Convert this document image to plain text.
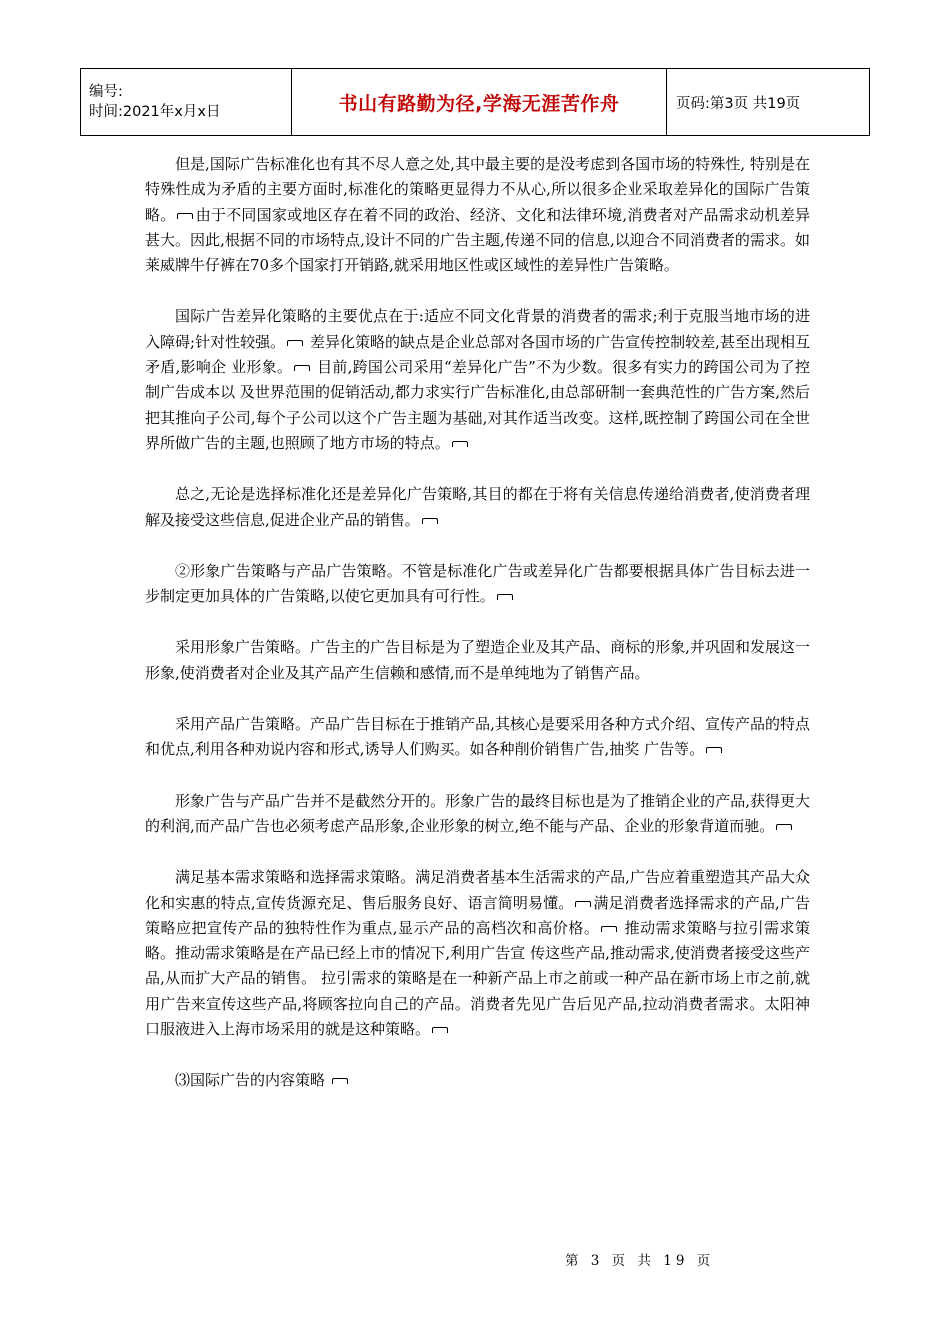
编号:
时间:2021年x月x日	书山有路勤为径,学海无涯苦作舟	页码:第3页 共19页

但是,国际广告标准化也有其不尽人意之处,其中最主要的是没考虑到各国市场的特殊性, 特别是在特殊性成为矛盾的主要方面时,标准化的策略更显得力不从心,所以很多企业采取差异化的国际广告策略。 由于不同国家或地区存在着不同的政治、经济、文化和法律环境,消费者对产品需求动机差异甚大。因此,根据不同的市场特点,设计不同的广告主题,传递不同的信息,以迎合不同消费者的需求。如莱威牌牛仔裤在70多个国家打开销路,就采用地区性或区域性的差异性广告策略。

国际广告差异化策略的主要优点在于:适应不同文化背景的消费者的需求;利于克服当地市场的进入障碍;针对性较强。 差异化策略的缺点是企业总部对各国市场的广告宣传控制较差,甚至出现相互矛盾,影响企 业形象。 目前,跨国公司采用“差异化广告”不为少数。很多有实力的跨国公司为了控制广告成本以 及世界范围的促销活动,都力求实行广告标准化,由总部研制一套典范性的广告方案,然后把其推向子公司,每个子公司以这个广告主题为基础,对其作适当改变。这样,既控制了跨国公司在全世界所做广告的主题,也照顾了地方市场的特点。

总之,无论是选择标准化还是差异化广告策略,其目的都在于将有关信息传递给消费者,使消费者理解及接受这些信息,促进企业产品的销售。

②形象广告策略与产品广告策略。不管是标准化广告或差异化广告都要根据具体广告目标去进一步制定更加具体的广告策略,以使它更加具有可行性。

采用形象广告策略。广告主的广告目标是为了塑造企业及其产品、商标的形象,并巩固和发展这一形象,使消费者对企业及其产品产生信赖和感情,而不是单纯地为了销售产品。

采用产品广告策略。产品广告目标在于推销产品,其核心是要采用各种方式介绍、宣传产品的特点和优点,利用各种劝说内容和形式,诱导人们购买。如各种削价销售广告,抽奖 广告等。

形象广告与产品广告并不是截然分开的。形象广告的最终目标也是为了推销企业的产品,获得更大的利润,而产品广告也必须考虑产品形象,企业形象的树立,绝不能与产品、企业的形象背道而驰。

满足基本需求策略和选择需求策略。满足消费者基本生活需求的产品,广告应着重塑造其产品大众化和实惠的特点,宣传货源充足、售后服务良好、语言简明易懂。 满足消费者选择需求的产品,广告策略应把宣传产品的独特性作为重点,显示产品的高档次和高价格。 推动需求策略与拉引需求策略。推动需求策略是在产品已经上市的情况下,利用广告宣 传这些产品,推动需求,使消费者接受这些产品,从而扩大产品的销售。 拉引需求的策略是在一种新产品上市之前或一种产品在新市场上市之前,就用广告来宣传这些产品,将顾客拉向自己的产品。消费者先见广告后见产品,拉动消费者需求。太阳神口服液进入上海市场采用的就是这种策略。

⑶国际广告的内容策略

第 3 页 共 19 页
